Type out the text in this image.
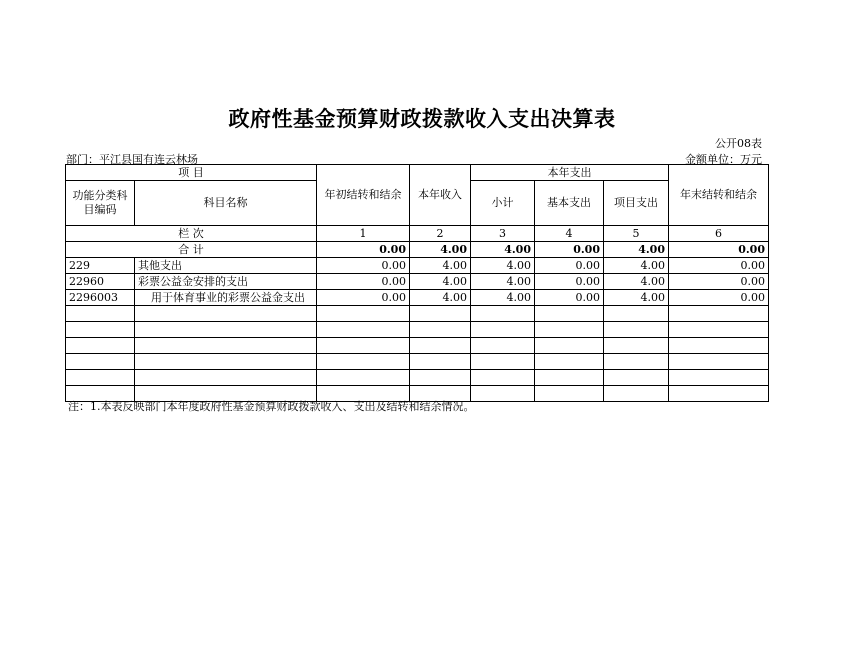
政府性基金预算财政拨款收入支出决算表
公开08表
部门：平江县国有连云林场	金额单位：万元
项 目		年初结转和结余	本年收入	本年支出			年末结转和结余
功能分类科目编码	科目名称			小计	基本支出	项目支出	
栏 次		1	2	3	4	5	6
合 计		0.00	4.00	4.00	0.00	4.00	0.00
229	其他支出	0.00	4.00	4.00	0.00	4.00	0.00
22960	彩票公益金安排的支出	0.00	4.00	4.00	0.00	4.00	0.00
2296003	用于体育事业的彩票公益金支出	0.00	4.00	4.00	0.00	4.00	0.00

注：1.本表反映部门本年度政府性基金预算财政拨款收入、支出及结转和结余情况。
